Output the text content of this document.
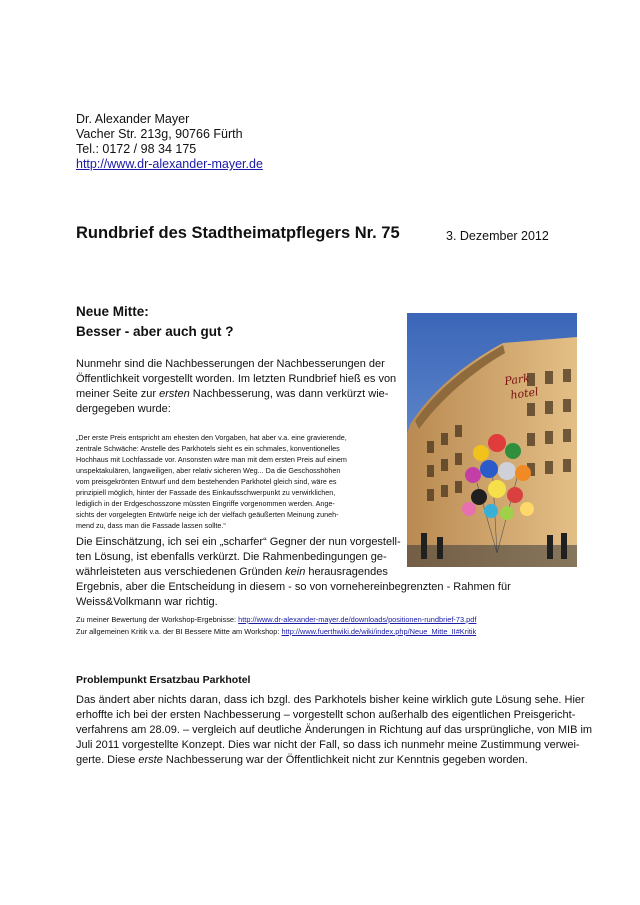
Dr. Alexander Mayer
Vacher Str. 213g, 90766 Fürth
Tel.: 0172 / 98 34 175
http://www.dr-alexander-mayer.de
Rundbrief des Stadtheimatpflegers Nr. 75	3. Dezember 2012
Neue Mitte:
Besser - aber auch gut ?
Nunmehr sind die Nachbesserungen der Nachbesserungen der
Öffentlichkeit vorgestellt worden. Im letzten Rundbrief hieß es von
meiner Seite zur ersten Nachbesserung, was dann verkürzt wie-
dergegeben wurde:
„Der erste Preis entspricht am ehesten den Vorgaben, hat aber v.a. eine gravierende,
zentrale Schwäche: Anstelle des Parkhotels sieht es ein schmales, konventionelles
Hochhaus mit Lochfassade vor. Ansonsten wäre man mit dem ersten Preis auf einem
unspektakulären, langweiligen, aber relativ sicheren Weg... Da die Geschosshöhen
vom preisgekrönten Entwurf und dem bestehenden Parkhotel gleich sind, wäre es
prinzipiell möglich, hinter der Fassade des Einkaufsschwerpunkt zu verwirklichen,
lediglich in der Erdgeschosszone müssten Eingriffe vorgenommen werden. Ange-
sichts der vorgelegten Entwürfe neige ich der vielfach geäußerten Meinung zuneh-
mend zu, dass man die Fassade lassen sollte.“
Die Einschätzung, ich sei ein „scharfer“ Gegner der nun vorgestell-
ten Lösung, ist ebenfalls verkürzt. Die Rahmenbedingungen ge-
währleisteten aus verschiedenen Gründen kein herausragendes
Ergebnis, aber die Entscheidung in diesem - so von vornehereinbegrenzten - Rahmen für
Weiss&Volkmann war richtig.
Zu meiner Bewertung der Workshop-Ergebnisse: http://www.dr-alexander-mayer.de/downloads/positionen-rundbrief-73.pdf
Zur allgemeinen Kritik v.a. der BI Bessere Mitte am Workshop: http://www.fuerthwiki.de/wiki/index.php/Neue_Mitte_II#Kritik
Problempunkt Ersatzbau Parkhotel
Das ändert aber nichts daran, dass ich bzgl. des Parkhotels bisher keine wirklich gute Lösung sehe. Hier
erhoffte ich bei der ersten Nachbesserung – vorgestellt schon außerhalb des eigentlichen Preisgericht-
verfahrens am 28.09. – vergleich auf deutliche Änderungen in Richtung auf das ursprüngliche, von MIB im
Juli 2011 vorgestellte Konzept. Dies war nicht der Fall, so dass ich nunmehr meine Zustimmung verwei-
gerte. Diese erste Nachbesserung war der Öffentlichkeit nicht zur Kenntnis gegeben worden.
Park
hotel
